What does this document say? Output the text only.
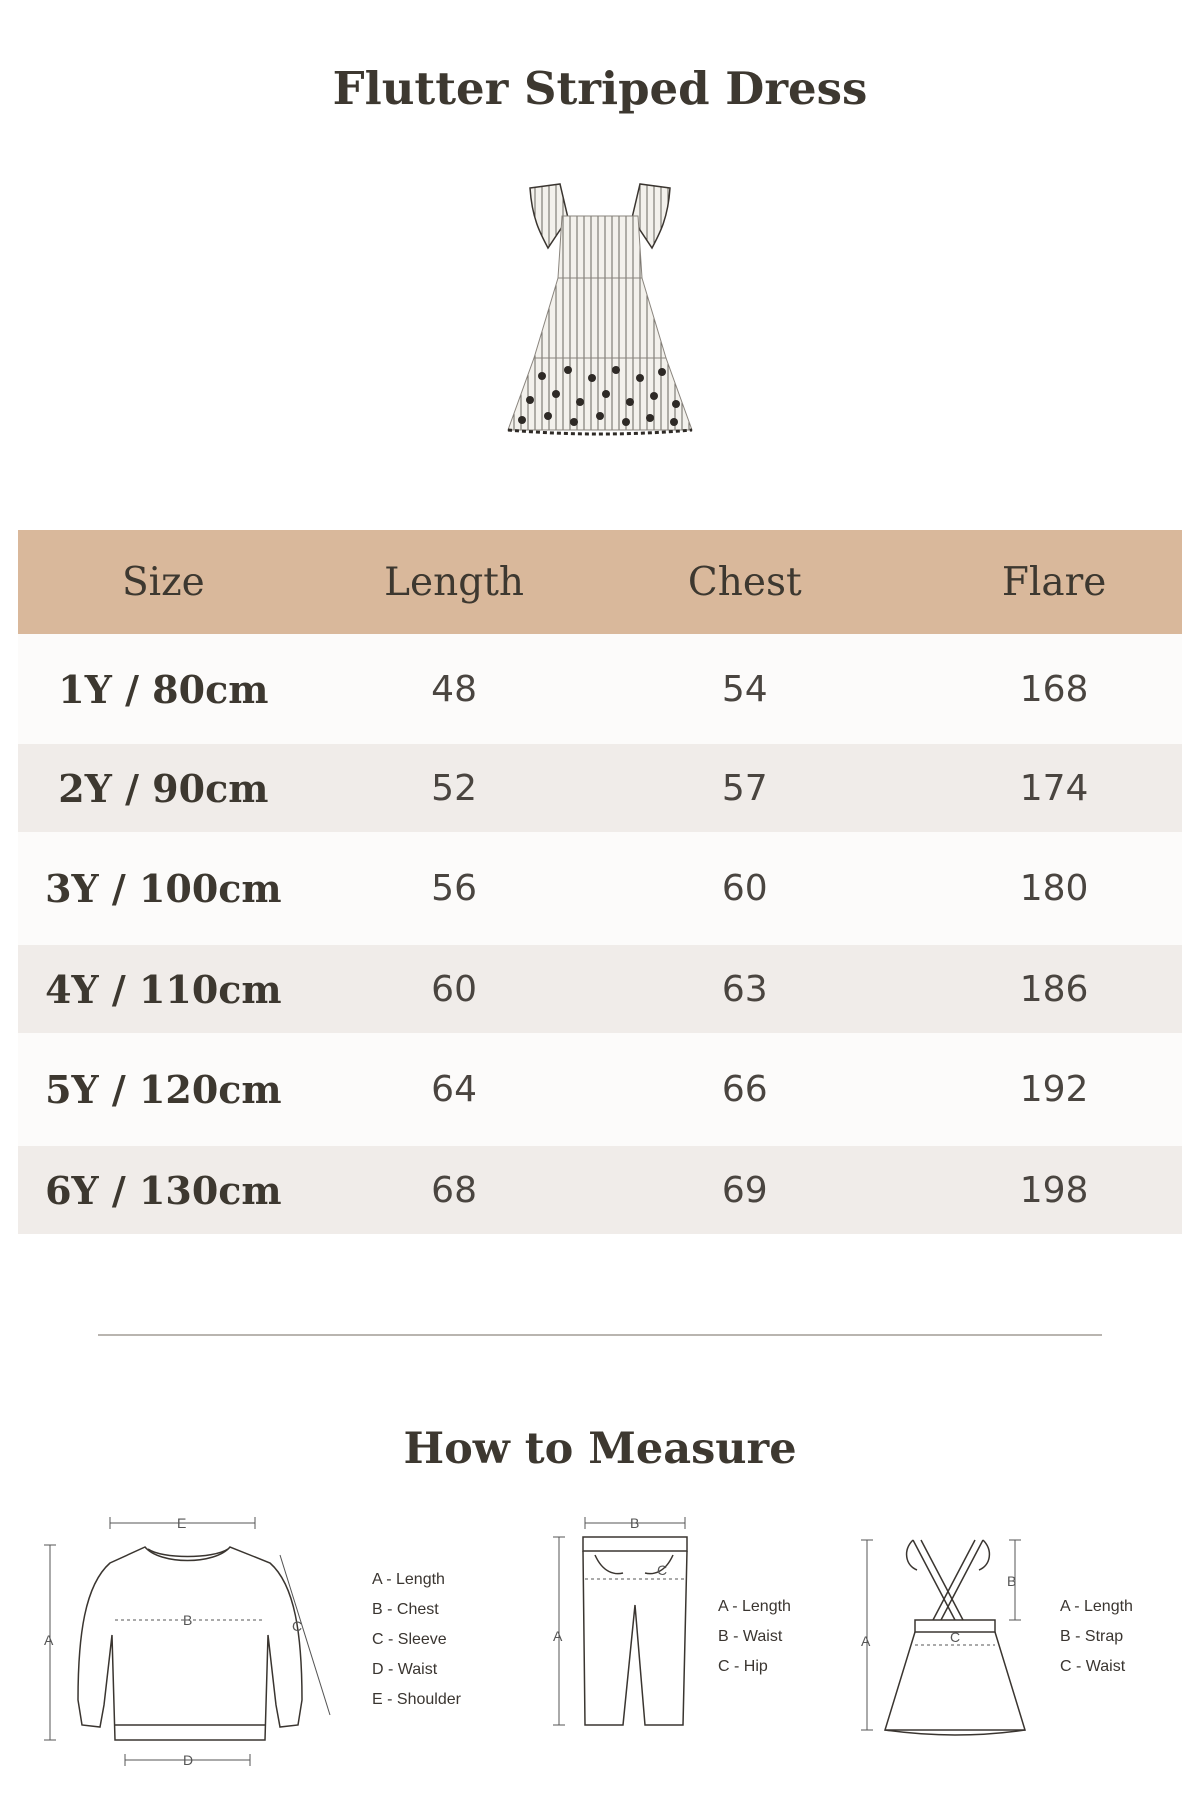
Flutter Striped Dress
Size	Length	Chest	Flare
1Y / 80cm	48	54	168
2Y / 90cm	52	57	174
3Y / 100cm	56	60	180
4Y / 110cm	60	63	186
5Y / 120cm	64	66	192
6Y / 130cm	68	69	198
How to Measure
E
B
A
D
C
A - Length
B - Chest
C - Sleeve
D - Waist
E - Shoulder
B
C
A
A - Length
B - Waist
C - Hip
A
B
C
A - Length
B - Strap
C - Waist
